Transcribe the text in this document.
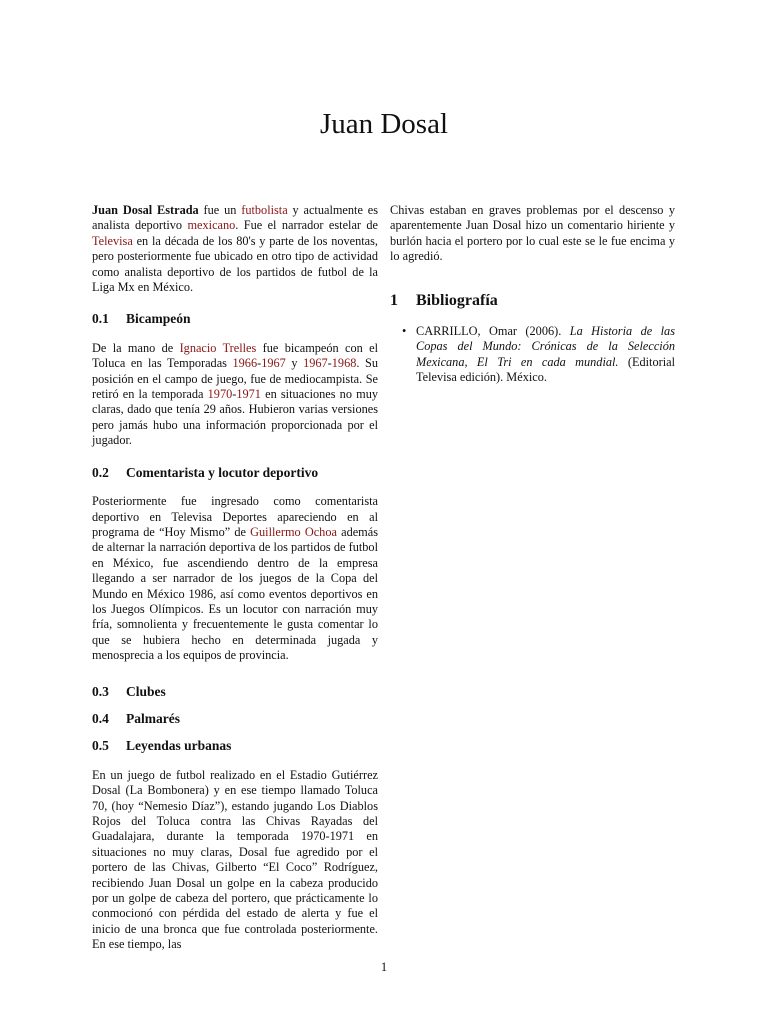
Juan Dosal

Juan Dosal Estrada fue un futbolista y actualmente es analista deportivo mexicano. Fue el narrador estelar de Televisa en la década de los 80's y parte de los noventas, pero posteriormente fue ubicado en otro tipo de actividad como analista deportivo de los partidos de futbol de la Liga Mx en México.

0.1 Bicampeón

De la mano de Ignacio Trelles fue bicampeón con el Toluca en las Temporadas 1966-1967 y 1967-1968. Su posición en el campo de juego, fue de mediocampista. Se retiró en la temporada 1970-1971 en situaciones no muy claras, dado que tenía 29 años. Hubieron varias versiones pero jamás hubo una información proporcionada por el jugador.

0.2 Comentarista y locutor deportivo

Posteriormente fue ingresado como comentarista deportivo en Televisa Deportes apareciendo en al programa de “Hoy Mismo” de Guillermo Ochoa además de alternar la narración deportiva de los partidos de futbol en México, fue ascendiendo dentro de la empresa llegando a ser narrador de los juegos de la Copa del Mundo en México 1986, así como eventos deportivos en los Juegos Olímpicos. Es un locutor con narración muy fría, somnolienta y frecuentemente le gusta comentar lo que se hubiera hecho en determinada jugada y menosprecia a los equipos de provincia.

0.3 Clubes
0.4 Palmarés
0.5 Leyendas urbanas

En un juego de futbol realizado en el Estadio Gutiérrez Dosal (La Bombonera) y en ese tiempo llamado Toluca 70, (hoy “Nemesio Díaz”), estando jugando Los Diablos Rojos del Toluca contra las Chivas Rayadas del Guadalajara, durante la temporada 1970-1971 en situaciones no muy claras, Dosal fue agredido por el portero de las Chivas, Gilberto “El Coco” Rodríguez, recibiendo Juan Dosal un golpe en la cabeza producido por un golpe de cabeza del portero, que prácticamente lo conmocionó con pérdida del estado de alerta y fue el inicio de una bronca que fue controlada posteriormente. En ese tiempo, las

Chivas estaban en graves problemas por el descenso y aparentemente Juan Dosal hizo un comentario hiriente y burlón hacia el portero por lo cual este se le fue encima y lo agredió.

1 Bibliografía
• CARRILLO, Omar (2006). La Historia de las Copas del Mundo: Crónicas de la Selección Mexicana, El Tri en cada mundial. (Editorial Televisa edición). México.
1
